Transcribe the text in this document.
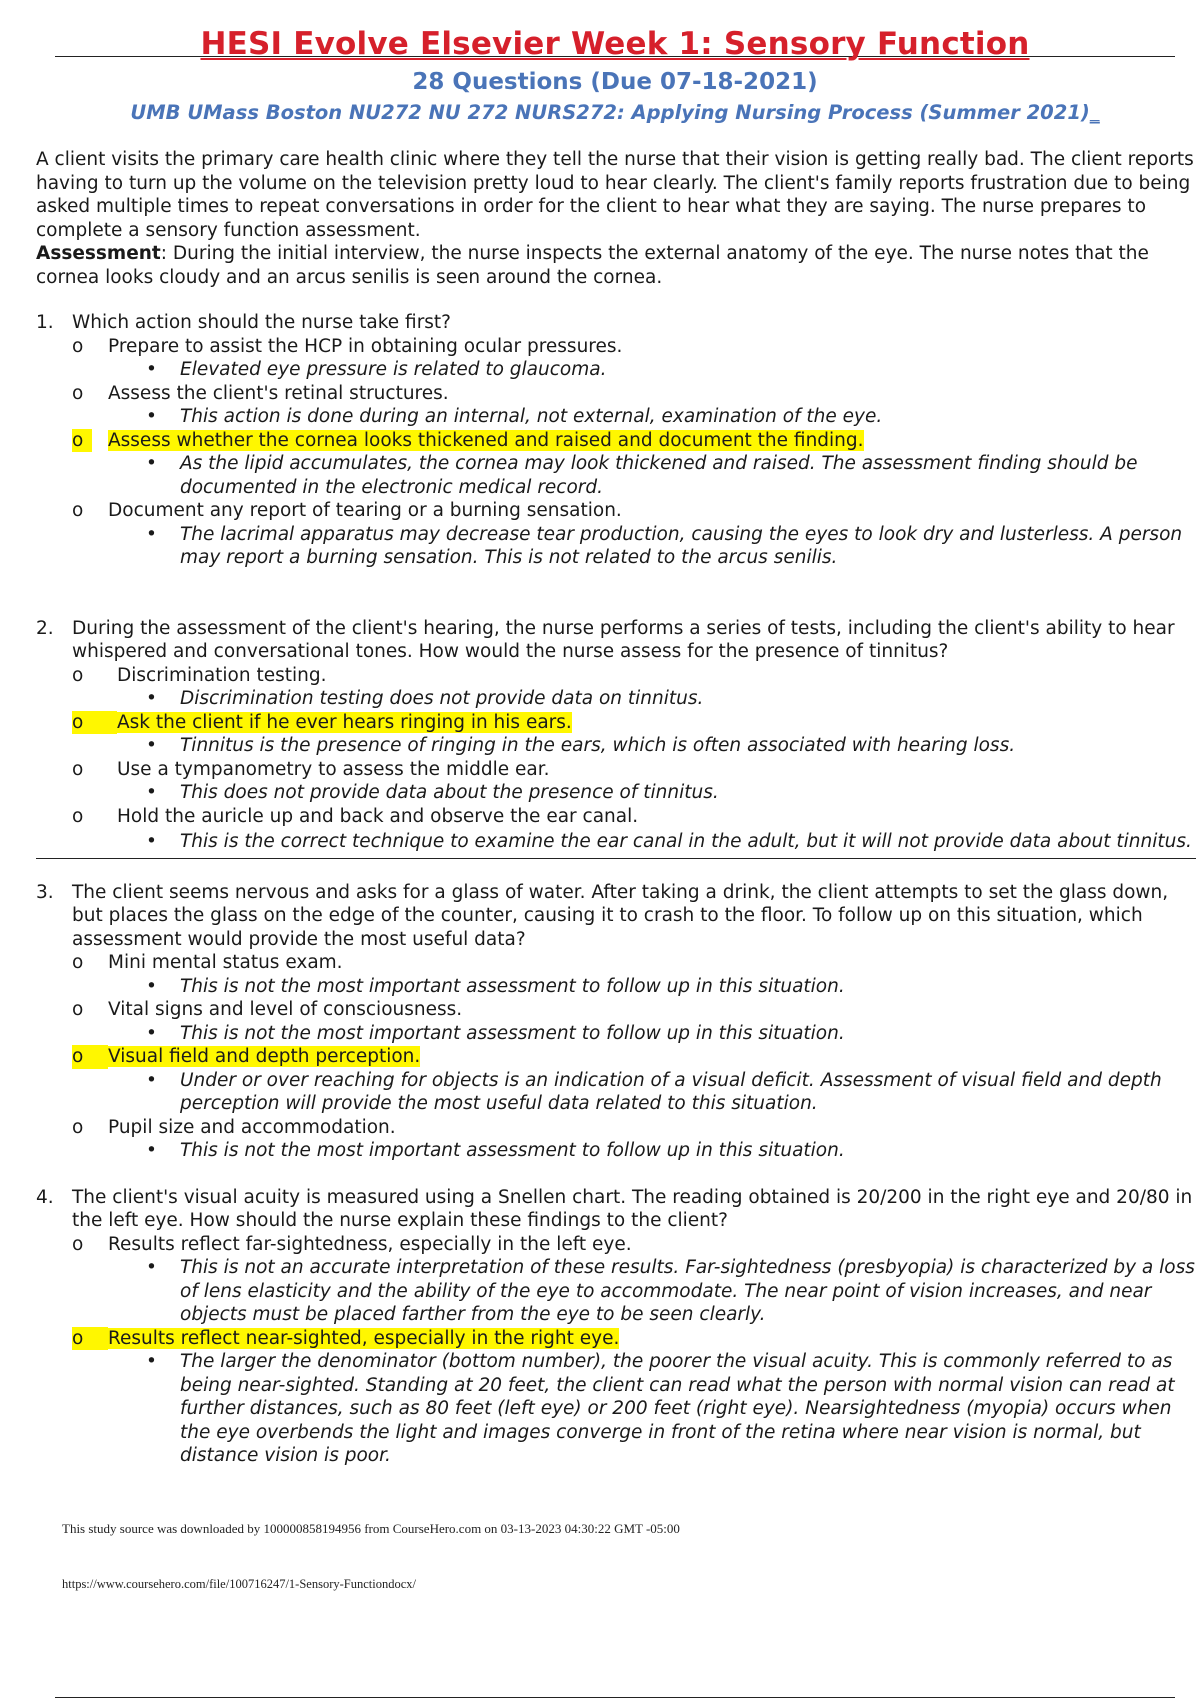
HESI Evolve Elsevier Week 1: Sensory Function
28 Questions (Due 07-18-2021)
UMB UMass Boston NU272 NU 272 NURS272: Applying Nursing Process (Summer 2021)_

A client visits the primary care health clinic where they tell the nurse that their vision is getting really bad. The client reports having to turn up the volume on the television pretty loud to hear clearly. The client's family reports frustration due to being asked multiple times to repeat conversations in order for the client to hear what they are saying. The nurse prepares to complete a sensory function assessment.

Assessment: During the initial interview, the nurse inspects the external anatomy of the eye. The nurse notes that the cornea looks cloudy and an arcus senilis is seen around the cornea.

1. Which action should the nurse take first?
o	Prepare to assist the HCP in obtaining ocular pressures.
• Elevated eye pressure is related to glaucoma.
o	Assess the client's retinal structures.
• This action is done during an internal, not external, examination of the eye.
o	Assess whether the cornea looks thickened and raised and document the finding.
• As the lipid accumulates, the cornea may look thickened and raised. The assessment finding should be documented in the electronic medical record.
o	Document any report of tearing or a burning sensation.
• The lacrimal apparatus may decrease tear production, causing the eyes to look dry and lusterless. A person may report a burning sensation. This is not related to the arcus senilis.
2. During the assessment of the client's hearing, the nurse performs a series of tests, including the client's ability to hear whispered and conversational tones. How would the nurse assess for the presence of tinnitus?
o	Discrimination testing.
• Discrimination testing does not provide data on tinnitus.
o	Ask the client if he ever hears ringing in his ears.
• Tinnitus is the presence of ringing in the ears, which is often associated with hearing loss.
o	Use a tympanometry to assess the middle ear.
• This does not provide data about the presence of tinnitus.
o	Hold the auricle up and back and observe the ear canal.
• This is the correct technique to examine the ear canal in the adult, but it will not provide data about tinnitus.
3. The client seems nervous and asks for a glass of water. After taking a drink, the client attempts to set the glass down, but places the glass on the edge of the counter, causing it to crash to the floor. To follow up on this situation, which assessment would provide the most useful data?
o	Mini mental status exam.
• This is not the most important assessment to follow up in this situation.
o	Vital signs and level of consciousness.
• This is not the most important assessment to follow up in this situation.
o	Visual field and depth perception.
• Under or over reaching for objects is an indication of a visual deficit. Assessment of visual field and depth perception will provide the most useful data related to this situation.
o	Pupil size and accommodation.
• This is not the most important assessment to follow up in this situation.
4. The client's visual acuity is measured using a Snellen chart. The reading obtained is 20/200 in the right eye and 20/80 in the left eye. How should the nurse explain these findings to the client?
o	Results reflect far-sightedness, especially in the left eye.
• This is not an accurate interpretation of these results. Far-sightedness (presbyopia) is characterized by a loss of lens elasticity and the ability of the eye to accommodate. The near point of vision increases, and near objects must be placed farther from the eye to be seen clearly.
o	Results reflect near-sighted, especially in the right eye.
• The larger the denominator (bottom number), the poorer the visual acuity. This is commonly referred to as being near-sighted. Standing at 20 feet, the client can read what the person with normal vision can read at further distances, such as 80 feet (left eye) or 200 feet (right eye). Nearsightedness (myopia) occurs when the eye overbends the light and images converge in front of the retina where near vision is normal, but distance vision is poor.
This study source was downloaded by 100000858194956 from CourseHero.com on 03-13-2023 04:30:22 GMT -05:00
https://www.coursehero.com/file/100716247/1-Sensory-Functiondocx/
